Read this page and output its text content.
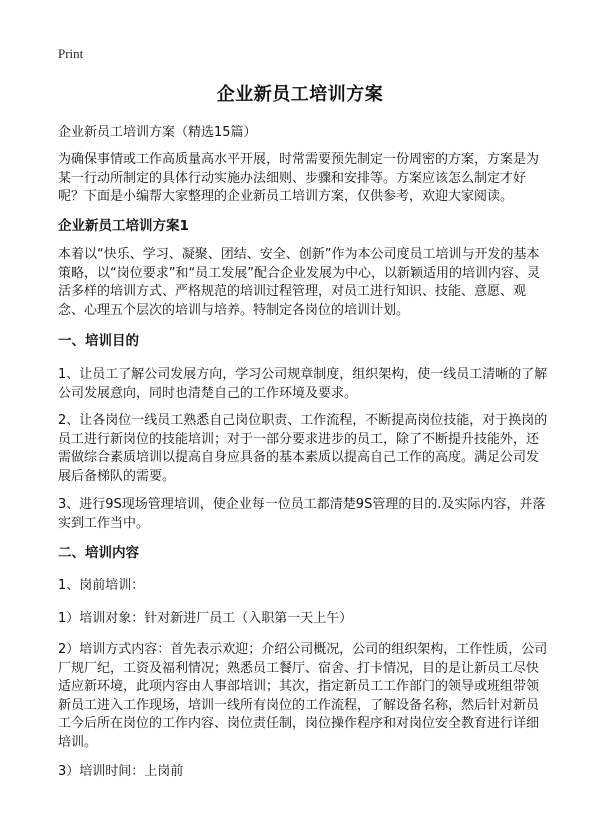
Print
企业新员工培训方案
企业新员工培训方案（精选15篇）
为确保事情或工作高质量高水平开展，时常需要预先制定一份周密的方案，方案是为某一行动所制定的具体行动实施办法细则、步骤和安排等。方案应该怎么制定才好呢？下面是小编帮大家整理的企业新员工培训方案，仅供参考，欢迎大家阅读。
企业新员工培训方案1
本着以“快乐、学习、凝聚、团结、安全、创新”作为本公司度员工培训与开发的基本策略，以“岗位要求”和“员工发展”配合企业发展为中心，以新颖适用的培训内容、灵活多样的培训方式、严格规范的培训过程管理，对员工进行知识、技能、意愿、观念、心理五个层次的培训与培养。特制定各岗位的培训计划。
一、培训目的
1、让员工了解公司发展方向，学习公司规章制度，组织架构，使一线员工清晰的了解公司发展意向，同时也清楚自己的工作环境及要求。
2、让各岗位一线员工熟悉自己岗位职责、工作流程，不断提高岗位技能，对于换岗的员工进行新岗位的技能培训；对于一部分要求进步的员工，除了不断提升技能外，还需做综合素质培训以提高自身应具备的基本素质以提高自己工作的高度。满足公司发展后备梯队的需要。
3、进行9S现场管理培训，使企业每一位员工都清楚9S管理的目的.及实际内容，并落实到工作当中。
二、培训内容
1、岗前培训：
1）培训对象：针对新进厂员工（入职第一天上午）
2）培训方式内容：首先表示欢迎；介绍公司概况，公司的组织架构，工作性质，公司厂规厂纪，工资及福利情况；熟悉员工餐厅、宿舍、打卡情况，目的是让新员工尽快适应新环境，此项内容由人事部培训；其次，指定新员工工作部门的领导或班组带领新员工进入工作现场，培训一线所有岗位的工作流程，了解设备名称，然后针对新员工今后所在岗位的工作内容、岗位责任制，岗位操作程序和对岗位安全教育进行详细培训。
3）培训时间：上岗前
